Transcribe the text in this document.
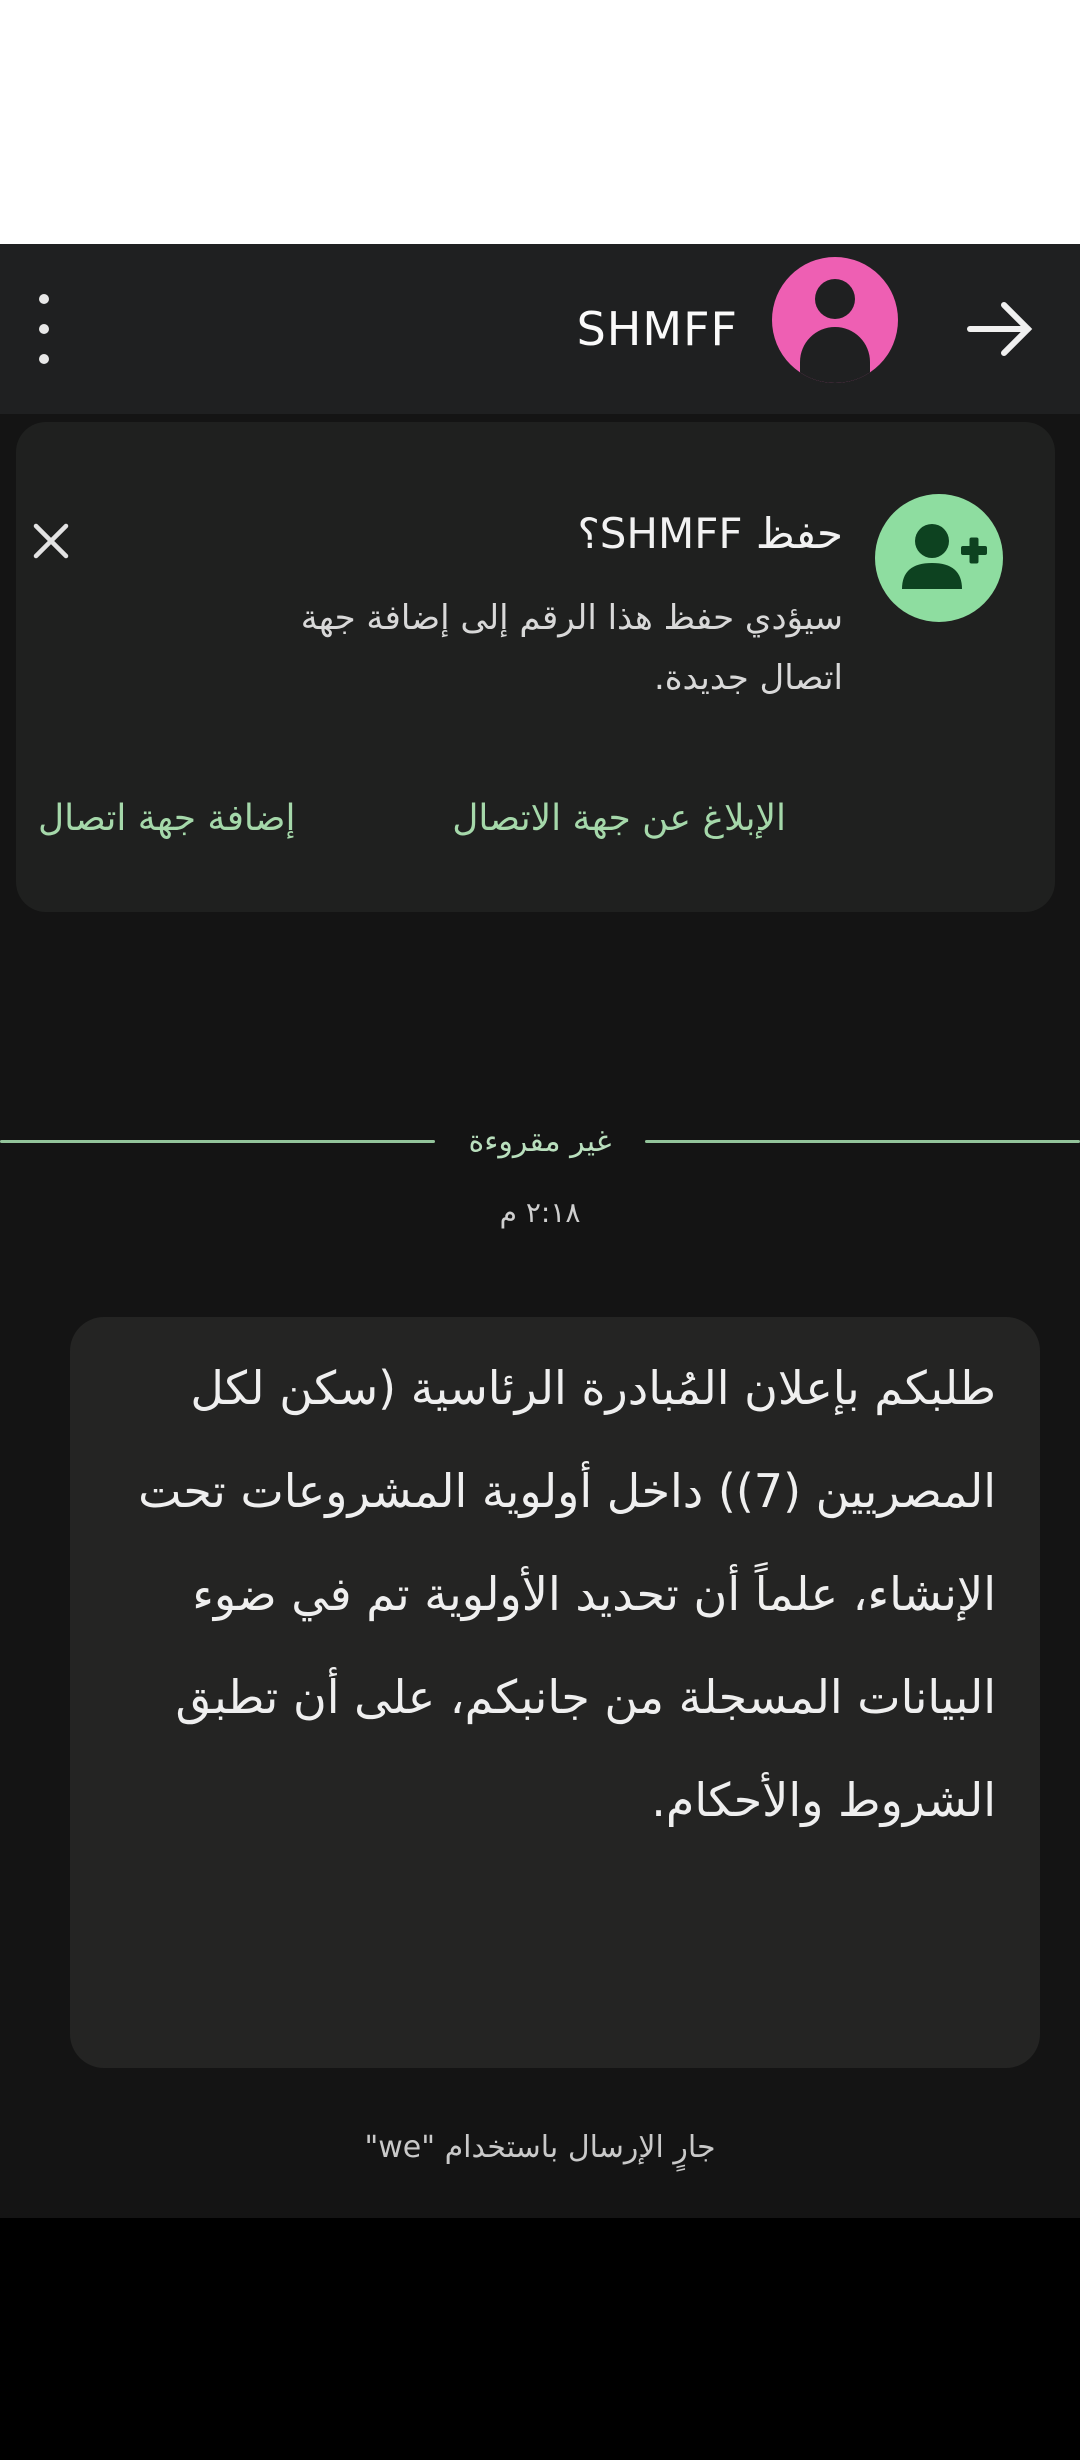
SHMFF
حفظ SHMFF؟
سيؤدي حفظ هذا الرقم إلى إضافة جهة اتصال جديدة.
الإبلاغ عن جهة الاتصال
إضافة جهة اتصال
غير مقروءة
٢:١٨ م
طلبكم بإعلان المُبادرة الرئاسية (سكن لكل المصريين (7)) داخل أولوية المشروعات تحت الإنشاء، علماً أن تحديد الأولوية تم في ضوء البيانات المسجلة من جانبكم، على أن تطبق الشروط والأحكام.
جارٍ الإرسال باستخدام "we"
